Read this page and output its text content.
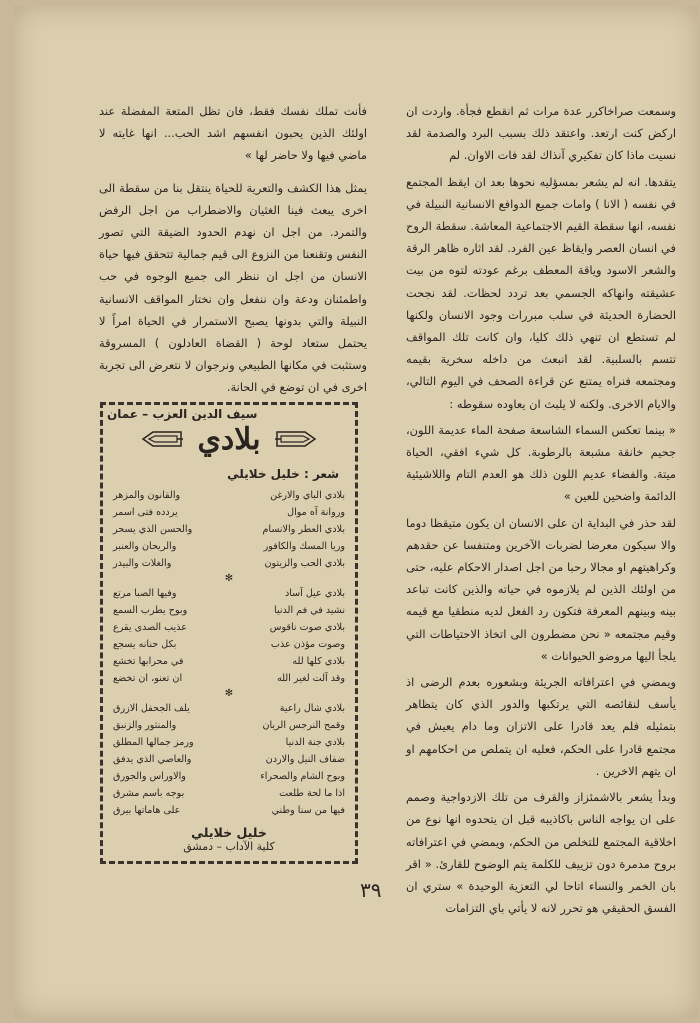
وسمعت صراخاكرر عدة مرات ثم انقطع فجأة. واردت ان اركض كنت ارتعد. واعتقد ذلك بسبب البرد والصدمة لقد نسيت ماذا كان تفكيري آنذاك لقد فات الاوان. لم

يتقدها. انه لم يشعر بمسؤليه نحوها بعد ان ايقظ المجتمع في نفسه ( الانا ) وامات جميع الدوافع الانسانية النبيلة في نفسه، انها سقطة القيم الاجتماعية المعاشة. سقطة الروح في انسان العصر وايقاظ عين الفرد. لقد اثاره ظاهر الرقة والشعر الاسود وياقة المعطف برغم عودته لتوه من بيت عشيقته وانهاكه الجسمي بعد تردد لحظات. لقد نجحت الحضارة الحديثة في سلب مبررات وجود الانسان ولكنها لم تستطع ان تنهي ذلك كليا، وان كانت تلك المواقف تتسم بالسلبية. لقد انبعث من داخله سخرية بقيمه ومجتمعه فنراه يمتنع عن قراءة الصحف في اليوم التالي، والايام الاخرى. ولكنه لا يلبث ان يعاوده سقوطه :

« بينما تعكس السماء الشاسعة صفحة الماء عديمة اللون، جحيم خانقة مشبعة بالرطوبة. كل شيء افقي، الحياة ميتة. والفضاء عديم اللون ذلك هو العدم التام واللاشيئية الدائمة واضحين للعين »

لقد حذر في البداية ان على الانسان ان يكون متيقظا دوما والا سيكون معرضا لضربات الآخرين ومتنفسا عن حقدهم وكراهيتهم او مجالا رحبا من اجل اصدار الاحكام عليه، حتى من اولئك الذين لم يلازموه في حياته والذين كانت تباعد بينه وبينهم المعرفة فتكون رد الفعل لديه منطقيا مع قيمه وقيم مجتمعه « نحن مضطرون الى اتخاذ الاحتياطات التي يلجأ اليها مروضو الحيوانات »

ويمضي في اعترافاته الجريئة وبشعوره بعدم الرضى اذ يأسف لنقائصه التي يرتكبها والدور الذي كان يتظاهر بتمثيله فلم يعد قادرا على الاتزان وما دام يعيش في مجتمع قادرا على الحكم، فعليه ان يتملص من احكامهم او ان يتهم الاخرين .

وبدأ يشعر بالاشمئزاز والقرف من تلك الازدواجية وصمم على ان يواجه الناس باكاذيبه قبل ان يتحدوه انها نوع من اخلاقية المجتمع للتخلص من الحكم، ويمضي في اعترافاته بروح مدمرة دون تزييف للكلمة يتم الوضوح للقارئ. « اقر بان الخمر والنساء اتاحا لي التعزية الوحيدة » ستري ان الفسق الحقيقي هو تحرر لانه لا يأتي باي التزامات

فأنت تملك نفسك فقط، فان تظل المتعة المفضلة عند اولئك الذين يحبون انفسهم اشد الحب... انها غايته لا ماضي فيها ولا حاضر لها »

يمثل هذا الكشف والتعرية للحياة ينتقل بنا من سقطة الى اخرى يبعث فينا الغثيان والاضطراب من اجل الرفض والتمرد. من اجل ان نهدم الحدود الضيقة التي تصور النفس وتقنعنا من النزوع الى قيم جمالية تتحقق فيها حياة الانسان من اجل ان ننظر الى جميع الوجوه في حب واطمئنان ودعة وان ننفعل وان نختار المواقف الانسانية النبيلة والتي بدونها يصبح الاستمرار في الحياة امراً لا يحتمل ستعاد لوحة ( القضاة العادلون ) المسروقة وستثبت في مكانها الطبيعي ونرجوان لا نتعرض الى تجربة اخرى في ان توضع في الحانة.

سيف الدين العزب – عمان
بلادي
شعر : خليل خلايلي
بلادي الباي والارغن
والقانون والمزهر
وروانة آه موال
يردده فتى اسمر
بلادي العطر والانسام
والحسن الذي يسحر
وريا المسك والكافور
والريحان والعنبر
بلادي الحب والزيتون
والغلات والبيدر
✻
بلادي عيل آساد
وفيها الصبا مرتع
نشيد في فم الدنيا
وبوح يطرب السمع
بلادي صوت ناقوس
عذيب الصدى يقرع
وصوت مؤذن عذب
بكل حنانه يسجع
بلادي كلها لله
في محرابها تخشع
وقد آلت لغير الله
ان تعنو، ان تخضع
✻
بلادي شال راعية
يلف الجحفل الازرق
وقمح النرجس الريان
والمنثور والزنبق
بلادي جنة الدنيا
ورمز جمالها المطلق
ضفاف النيل والاردن
والعاصي الذي يدفق
وبوح الشام والصحراء
والاوراس والجورق
اذا ما لحة طلعت
بوجه باسم مشرق
فيها من سنا وطني
على هاماتها بيرق
خليل خلايلي
كلية الآداب – دمشق
٣٩
